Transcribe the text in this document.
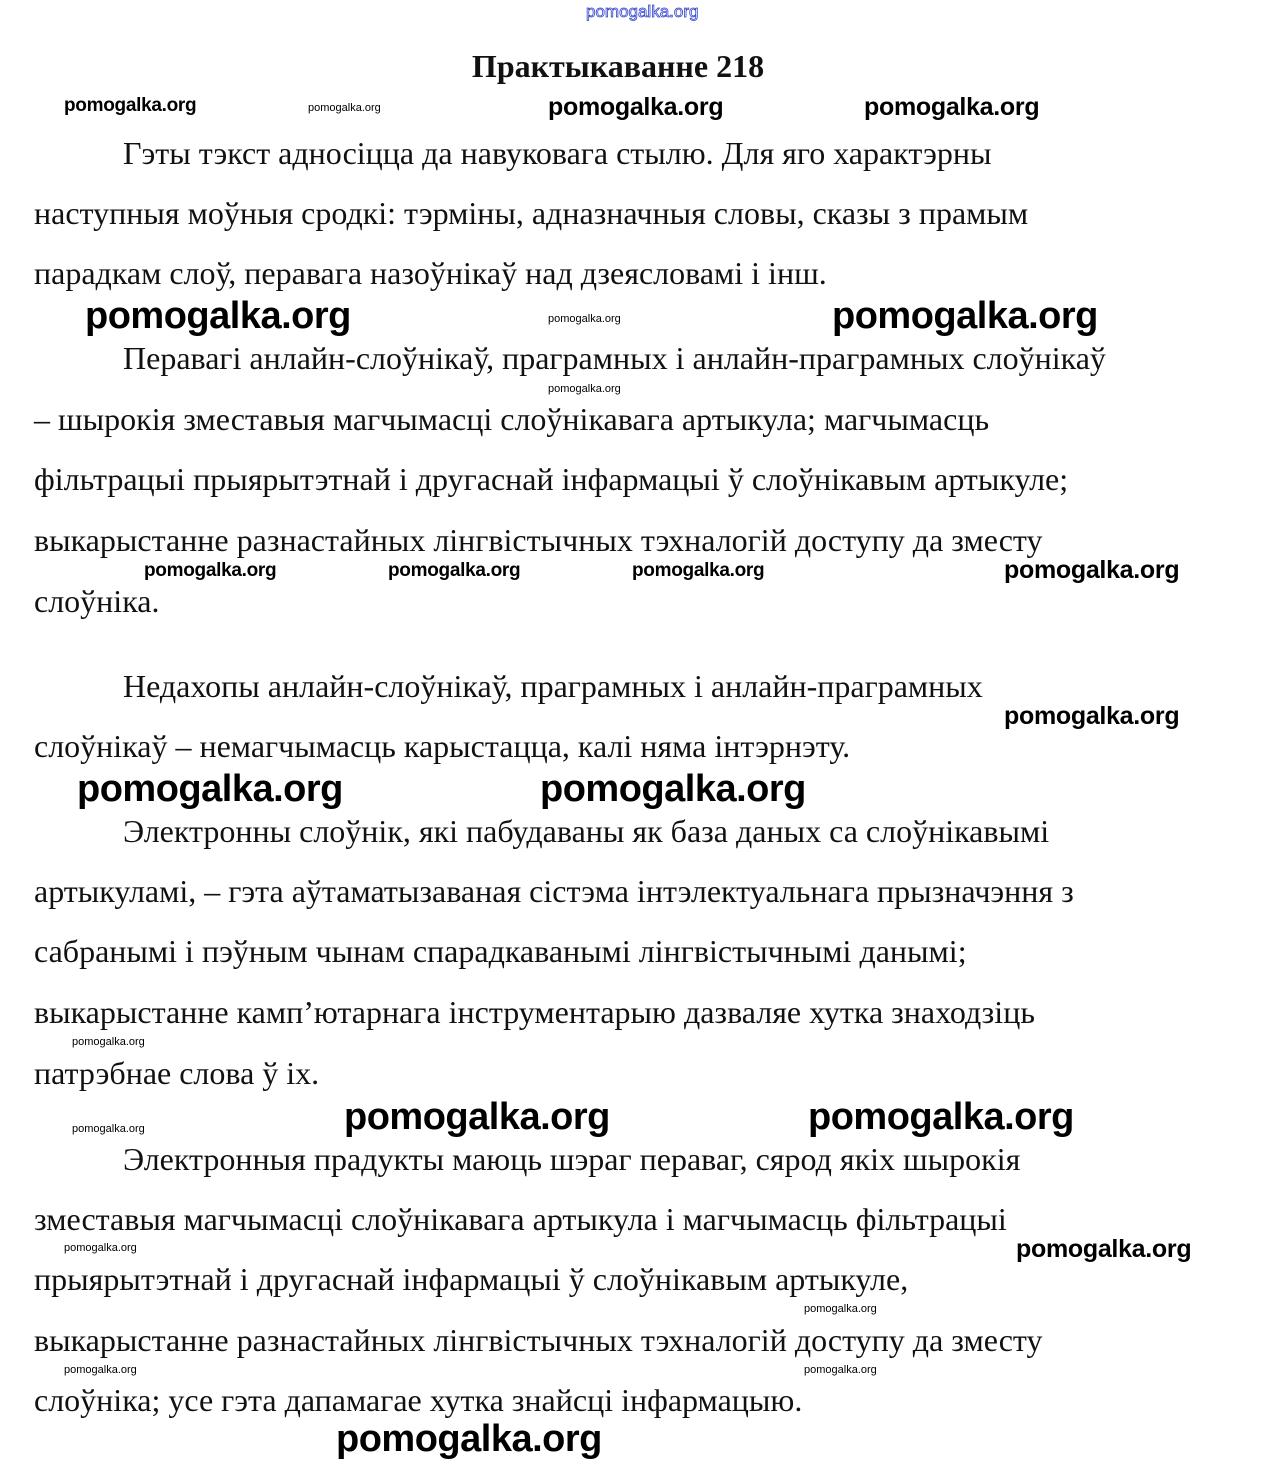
pomogalka.org
Практыкаванне 218
Гэты тэкст адносіцца да навуковага стылю. Для яго характэрны
наступныя моўныя сродкі: тэрміны, адназначныя словы, сказы з прамым
парадкам слоў, перавага назоўнікаў над дзеясловамі і інш.
Перавагі анлайн-слоўнікаў, праграмных і анлайн-праграмных слоўнікаў
– шырокія зместавыя магчымасці слоўнікавага артыкула; магчымасць
фільтрацыі прыярытэтнай і другаснай інфармацыі ў слоўнікавым артыкуле;
выкарыстанне разнастайных лінгвістычных тэхналогій доступу да зместу
слоўніка.
Недахопы анлайн-слоўнікаў, праграмных і анлайн-праграмных
слоўнікаў – немагчымасць карыстацца, калі няма інтэрнэту.
Электронны слоўнік, які пабудаваны як база даных са слоўнікавымі
артыкуламі, – гэта аўтаматызаваная сістэма інтэлектуальнага прызначэння з
сабранымі і пэўным чынам спарадкаванымі лінгвістычнымі данымі;
выкарыстанне камп’ютарнага інструментарыю дазваляе хутка знаходзіць
патрэбнае слова ў іх.
Электронныя прадукты маюць шэраг пераваг, сярод якіх шырокія
зместавыя магчымасці слоўнікавага артыкула і магчымасць фільтрацыі
прыярытэтнай і другаснай інфармацыі ў слоўнікавым артыкуле,
выкарыстанне разнастайных лінгвістычных тэхналогій доступу да зместу
слоўніка; усе гэта дапамагае хутка знайсці інфармацыю.
pomogalka.org	pomogalka.org	pomogalka.org	pomogalka.org
pomogalka.org	pomogalka.org	pomogalka.org
pomogalka.org
pomogalka.org	pomogalka.org	pomogalka.org	pomogalka.org
pomogalka.org
pomogalka.org	pomogalka.org
pomogalka.org
pomogalka.org	pomogalka.org
pomogalka.org
pomogalka.org	pomogalka.org
pomogalka.org
pomogalka.org
pomogalka.org
pomogalka.org
